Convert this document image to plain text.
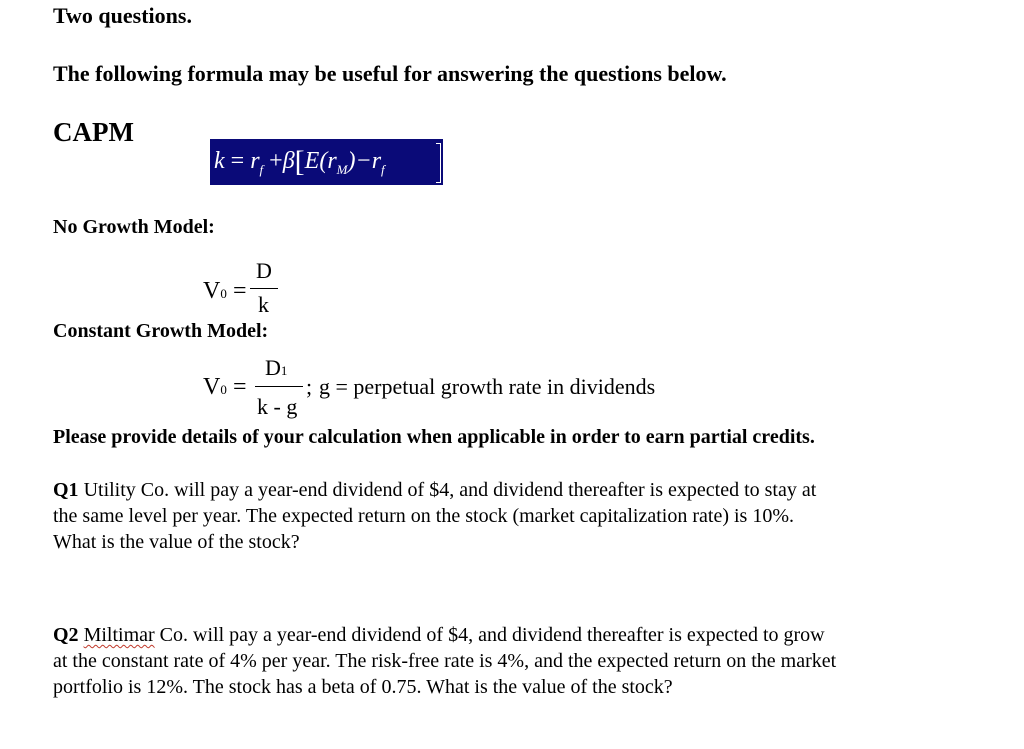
Two questions.
The following formula may be useful for answering the questions below.
CAPM
$k = r_f +\beta[E(r_M)-r_f$
No Growth Model:
V0 =
D
k
Constant Growth Model:
V0 =
D1
k - g
; g = perpetual growth rate in dividends
Please provide details of your calculation when applicable in order to earn partial credits.
Q1 Utility Co. will pay a year-end dividend of $4, and dividend thereafter is expected to stay at
the same level per year. The expected return on the stock (market capitalization rate) is 10%.
What is the value of the stock?
Q2 Miltimar Co. will pay a year-end dividend of $4, and dividend thereafter is expected to grow
at the constant rate of 4% per year. The risk-free rate is 4%, and the expected return on the market
portfolio is 12%. The stock has a beta of 0.75. What is the value of the stock?
